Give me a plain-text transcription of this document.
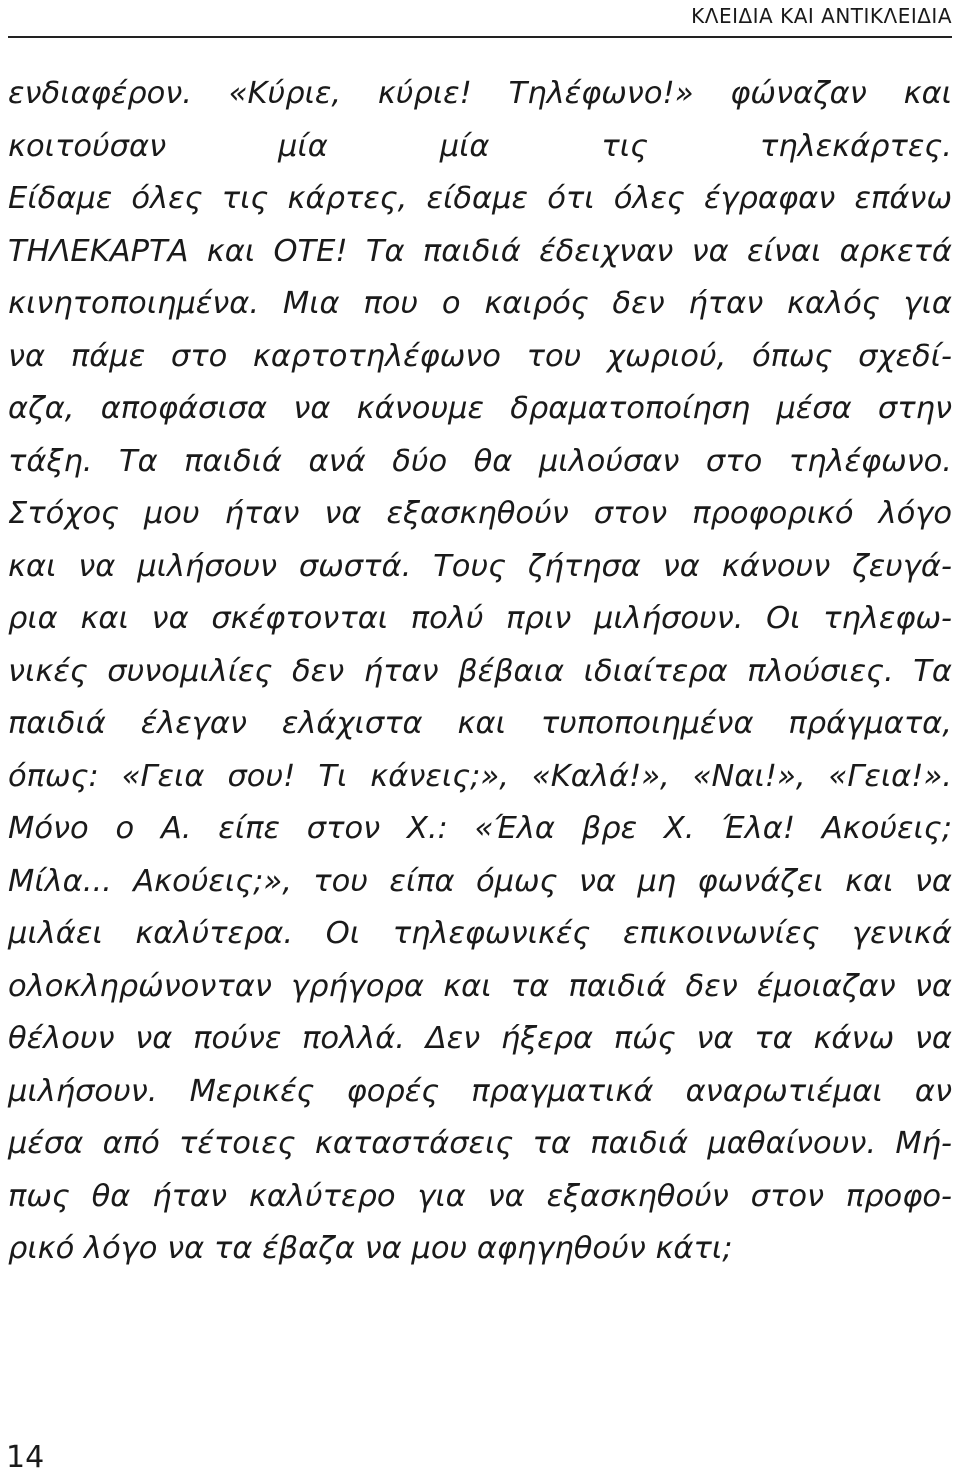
ΚΛΕΙΔΙΑ ΚΑΙ ΑΝΤΙΚΛΕΙΔΙΑ
ενδιαφέρον. «Κύριε, κύριε! Τηλέφωνο!» φώναζαν και
κοιτούσαν μία μία τις τηλεκάρτες.
Είδαμε όλες τις κάρτες, είδαμε ότι όλες έγραφαν επάνω
ΤΗΛΕΚΑΡΤΑ και ΟΤΕ! Τα παιδιά έδειχναν να είναι αρκετά
κινητοποιημένα. Μια που ο καιρός δεν ήταν καλός για
να πάμε στο καρτοτηλέφωνο του χωριού, όπως σχεδί-
αζα, αποφάσισα να κάνουμε δραματοποίηση μέσα στην
τάξη. Τα παιδιά ανά δύο θα μιλούσαν στο τηλέφωνο.
Στόχος μου ήταν να εξασκηθούν στον προφορικό λόγο
και να μιλήσουν σωστά. Τους ζήτησα να κάνουν ζευγά-
ρια και να σκέφτονται πολύ πριν μιλήσουν. Οι τηλεφω-
νικές συνομιλίες δεν ήταν βέβαια ιδιαίτερα πλούσιες. Τα
παιδιά έλεγαν ελάχιστα και τυποποιημένα πράγματα,
όπως: «Γεια σου! Τι κάνεις;», «Καλά!», «Ναι!», «Γεια!».
Μόνο ο Α. είπε στον Χ.: «Έλα βρε Χ. Έλα! Ακούεις;
Μίλα... Ακούεις;», του είπα όμως να μη φωνάζει και να
μιλάει καλύτερα. Οι τηλεφωνικές επικοινωνίες γενικά
ολοκληρώνονταν γρήγορα και τα παιδιά δεν έμοιαζαν να
θέλουν να πούνε πολλά. Δεν ήξερα πώς να τα κάνω να
μιλήσουν. Μερικές φορές πραγματικά αναρωτιέμαι αν
μέσα από τέτοιες καταστάσεις τα παιδιά μαθαίνουν. Μή-
πως θα ήταν καλύτερο για να εξασκηθούν στον προφο-
ρικό λόγο να τα έβαζα να μου αφηγηθούν κάτι;
14
